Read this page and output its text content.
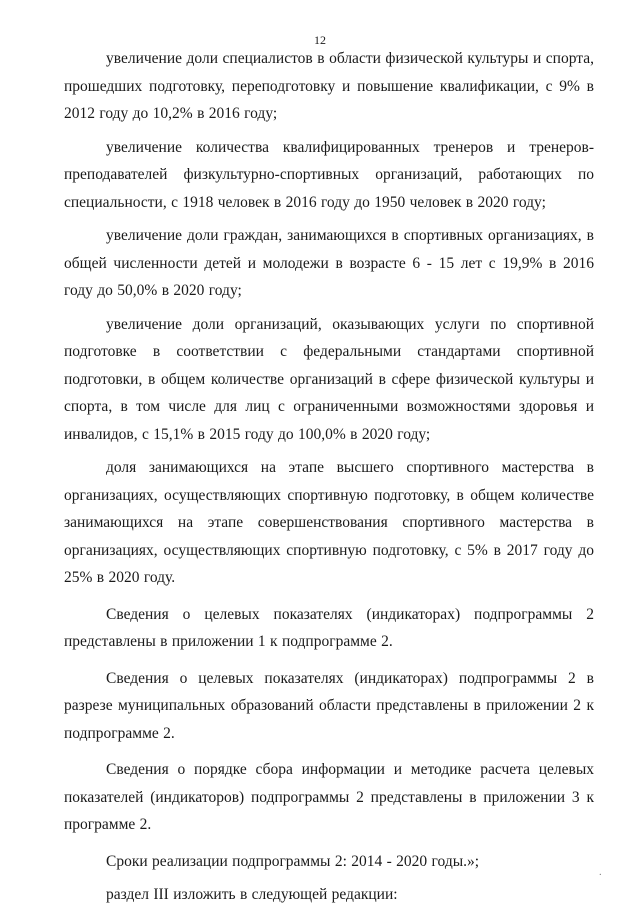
12

увеличение доли специалистов в области физической культуры и спорта, прошедших подготовку, переподготовку и повышение квалификации, с 9% в 2012 году до 10,2% в 2016 году;

увеличение количества квалифицированных тренеров и тренеров-преподавателей физкультурно-спортивных организаций, работающих по специальности, с 1918 человек в 2016 году до 1950 человек в 2020 году;

увеличение доли граждан, занимающихся в спортивных организациях, в общей численности детей и молодежи в возрасте 6 - 15 лет с 19,9% в 2016 году до 50,0% в 2020 году;

увеличение доли организаций, оказывающих услуги по спортивной подготовке в соответствии с федеральными стандартами спортивной подготовки, в общем количестве организаций в сфере физической культуры и спорта, в том числе для лиц с ограниченными возможностями здоровья и инвалидов, с 15,1% в 2015 году до 100,0% в 2020 году;

доля занимающихся на этапе высшего спортивного мастерства в организациях, осуществляющих спортивную подготовку, в общем количестве занимающихся на этапе совершенствования спортивного мастерства в организациях, осуществляющих спортивную подготовку, с 5% в 2017 году до 25% в 2020 году.

Сведения о целевых показателях (индикаторах) подпрограммы 2 представлены в приложении 1 к подпрограмме 2.

Сведения о целевых показателях (индикаторах) подпрограммы 2 в разрезе муниципальных образований области представлены в приложении 2 к подпрограмме 2.

Сведения о порядке сбора информации и методике расчета целевых показателей (индикаторов) подпрограммы 2 представлены в приложении 3 к программе 2.

Сроки реализации подпрограммы 2: 2014 - 2020 годы.»;

раздел III изложить в следующей редакции:

·
